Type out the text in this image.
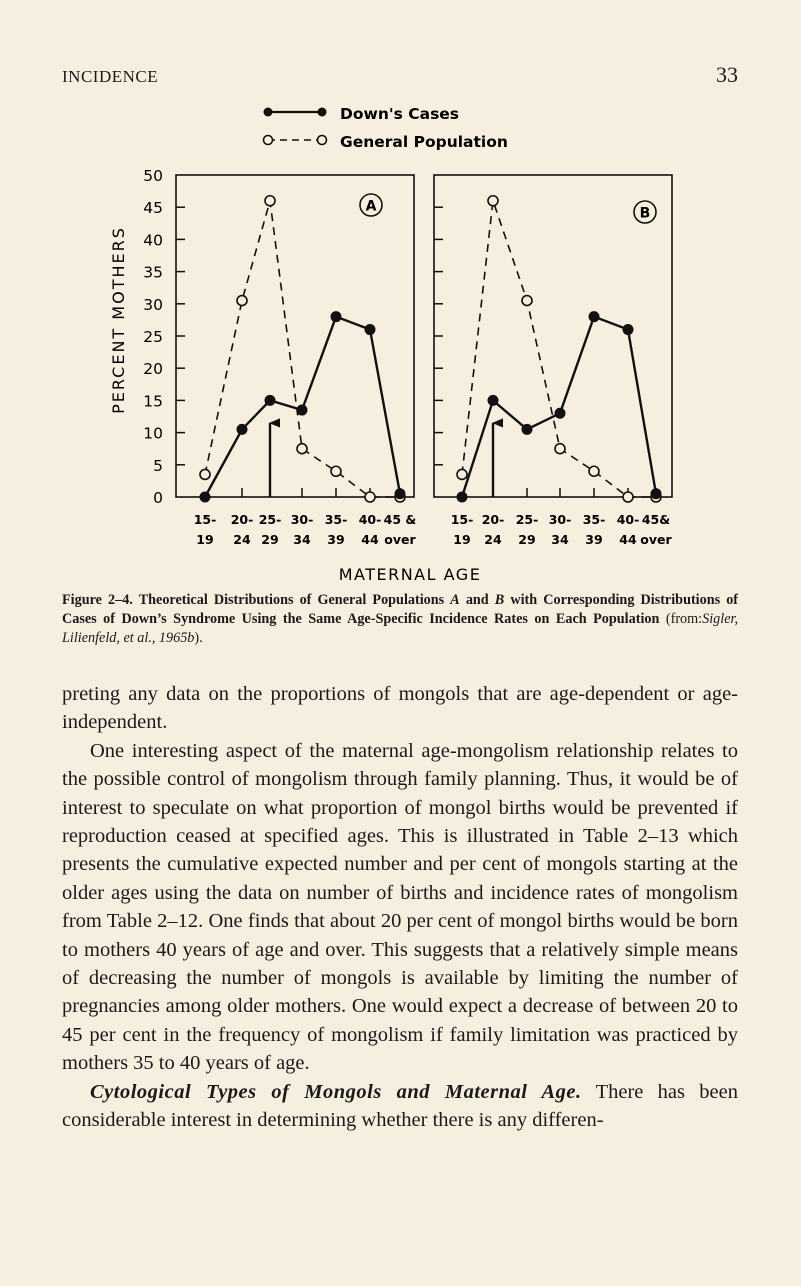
INCIDENCE	33
Down's Cases
General Population
PERCENT MOTHERS
50
45
40
35
30
25
20
15
10
5
0
15-
19
20-
24
25-
29
30-
34
35-
39
40-
44
45 &
over
A
15-
19
20-
24
25-
29
30-
34
35-
39
40-
44
45&
over
B
MATERNAL AGE
Figure 2–4. Theoretical Distributions of General Populations A and B with Corresponding Distributions of Cases of Down’s Syndrome Using the Same Age-Specific Incidence Rates on Each Population (from:Sigler, Lilienfeld, et al., 1965b).

preting any data on the proportions of mongols that are age-dependent or age-independent.

One interesting aspect of the maternal age-mongolism relationship relates to the possible control of mongolism through family planning. Thus, it would be of interest to speculate on what proportion of mongol births would be prevented if reproduction ceased at specified ages. This is illustrated in Table 2–13 which presents the cumulative expected number and per cent of mongols starting at the older ages using the data on number of births and incidence rates of mongolism from Table 2–12. One finds that about 20 per cent of mongol births would be born to mothers 40 years of age and over. This suggests that a relatively simple means of decreasing the number of mongols is available by limiting the number of pregnancies among older mothers. One would expect a decrease of between 20 to 45 per cent in the frequency of mongolism if family limitation was practiced by mothers 35 to 40 years of age.

Cytological Types of Mongols and Maternal Age. There has been considerable interest in determining whether there is any differen-
